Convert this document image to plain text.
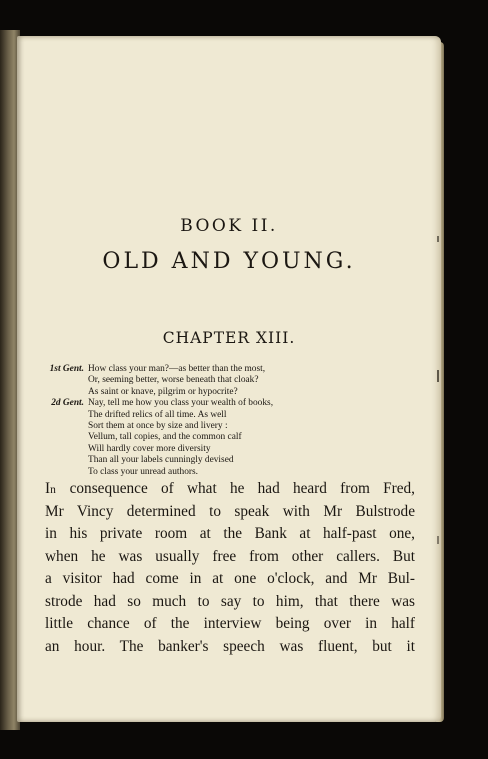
BOOK II.
OLD AND YOUNG.
CHAPTER XIII.
1st Gent. How class your man?—as better than the most,
Or, seeming better, worse beneath that cloak?
As saint or knave, pilgrim or hypocrite?
2d Gent. Nay, tell me how you class your wealth of books,
The drifted relics of all time. As well
Sort them at once by size and livery :
Vellum, tall copies, and the common calf
Will hardly cover more diversity
Than all your labels cunningly devised
To class your unread authors.
In consequence of what he had heard from Fred,
Mr Vincy determined to speak with Mr Bulstrode
in his private room at the Bank at half-past one,
when he was usually free from other callers. But
a visitor had come in at one o'clock, and Mr Bul-
strode had so much to say to him, that there was
little chance of the interview being over in half
an hour. The banker's speech was fluent, but it
